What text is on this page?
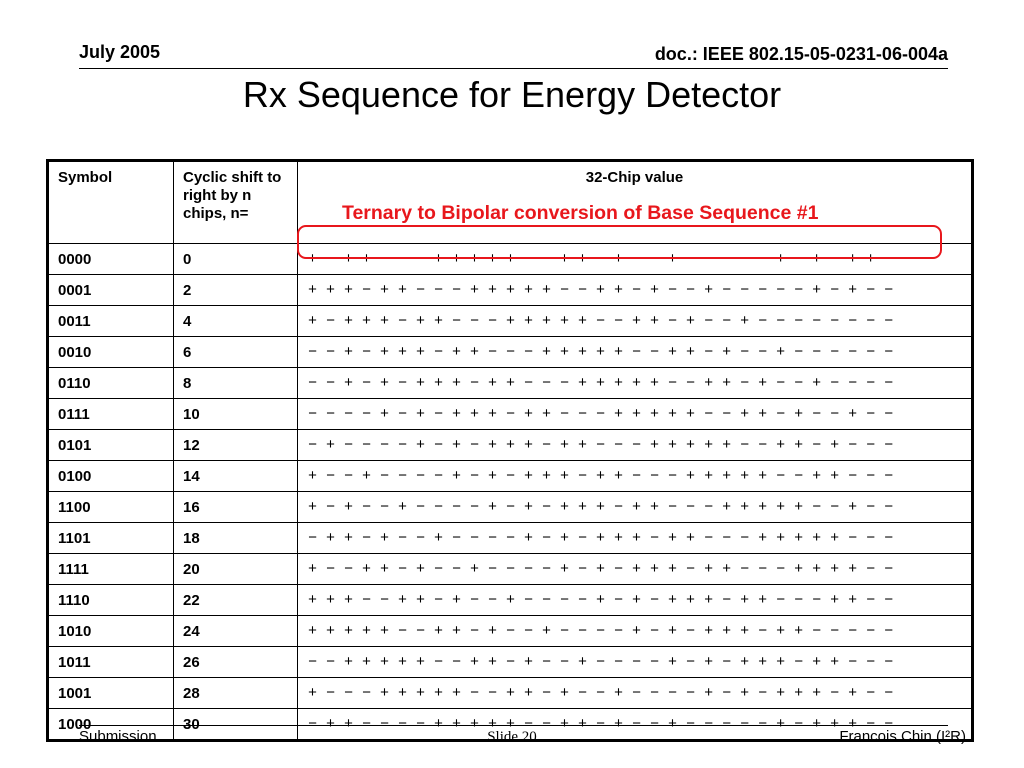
July 2005	doc.: IEEE 802.15-05-0231-06-004a
Rx Sequence for Energy Detector
Symbol	Cyclic shift to right by n chips, n=	32-Chip value
Ternary to Bipolar conversion of Base Sequence #1

0000	0	+ − + + − − − + + + + + − − + + − + − − + − − − − − + − + − + + −
0001	2	+ + + − + + − − − + + + + + − − + + − + − − + − − − − − + − + − −
0011	4	+ − + + + − + + − − − + + + + + − − + + − + − − + − − − − − − − −
0010	6	− − + − + + + − + + − − − + + + + + − − + + − + − − + − − − − − −
0110	8	− − + − + − + + + − + + − − − + + + + + − − + + − + − − + − − − −
0111	10	− − − − + − + − + + + − + + − − − + + + + + − − + + − + − − + − −
0101	12	− + − − − − + − + − + + + − + + − − − + + + + + − − + + − + − − −
0100	14	+ − − + − − − − + − + − + + + − + + − − − + + + + + − − + + − − −
1100	16	+ − + − − + − − − − + − + − + + + − + + − − − + + + + + − − + − −
1101	18	− + + − + − − + − − − − + − + − + + + − + + − − − + + + + + − − −
1111	20	+ − − + + − + − − + − − − − + − + − + + + − + + − − − + + + + − −
1110	22	+ + + − − + + − + − − + − − − − + − + − + + + − + + − − − + + − −
1010	24	+ + + + + − − + + − + − − + − − − − + − + − + + + − + + − − − − −
1011	26	− − + + + + + − − + + − + − − + − − − − + − + − + + + − + + − − −
1001	28	+ − − − + + + + + − − + + − + − − + − − − − + − + − + + + − + − −
1000	30	− + + − − − − + + + + + − − + + − + − − + − − − − − + − + + + − −
Submission	Slide 20	Francois Chin (I²R)
